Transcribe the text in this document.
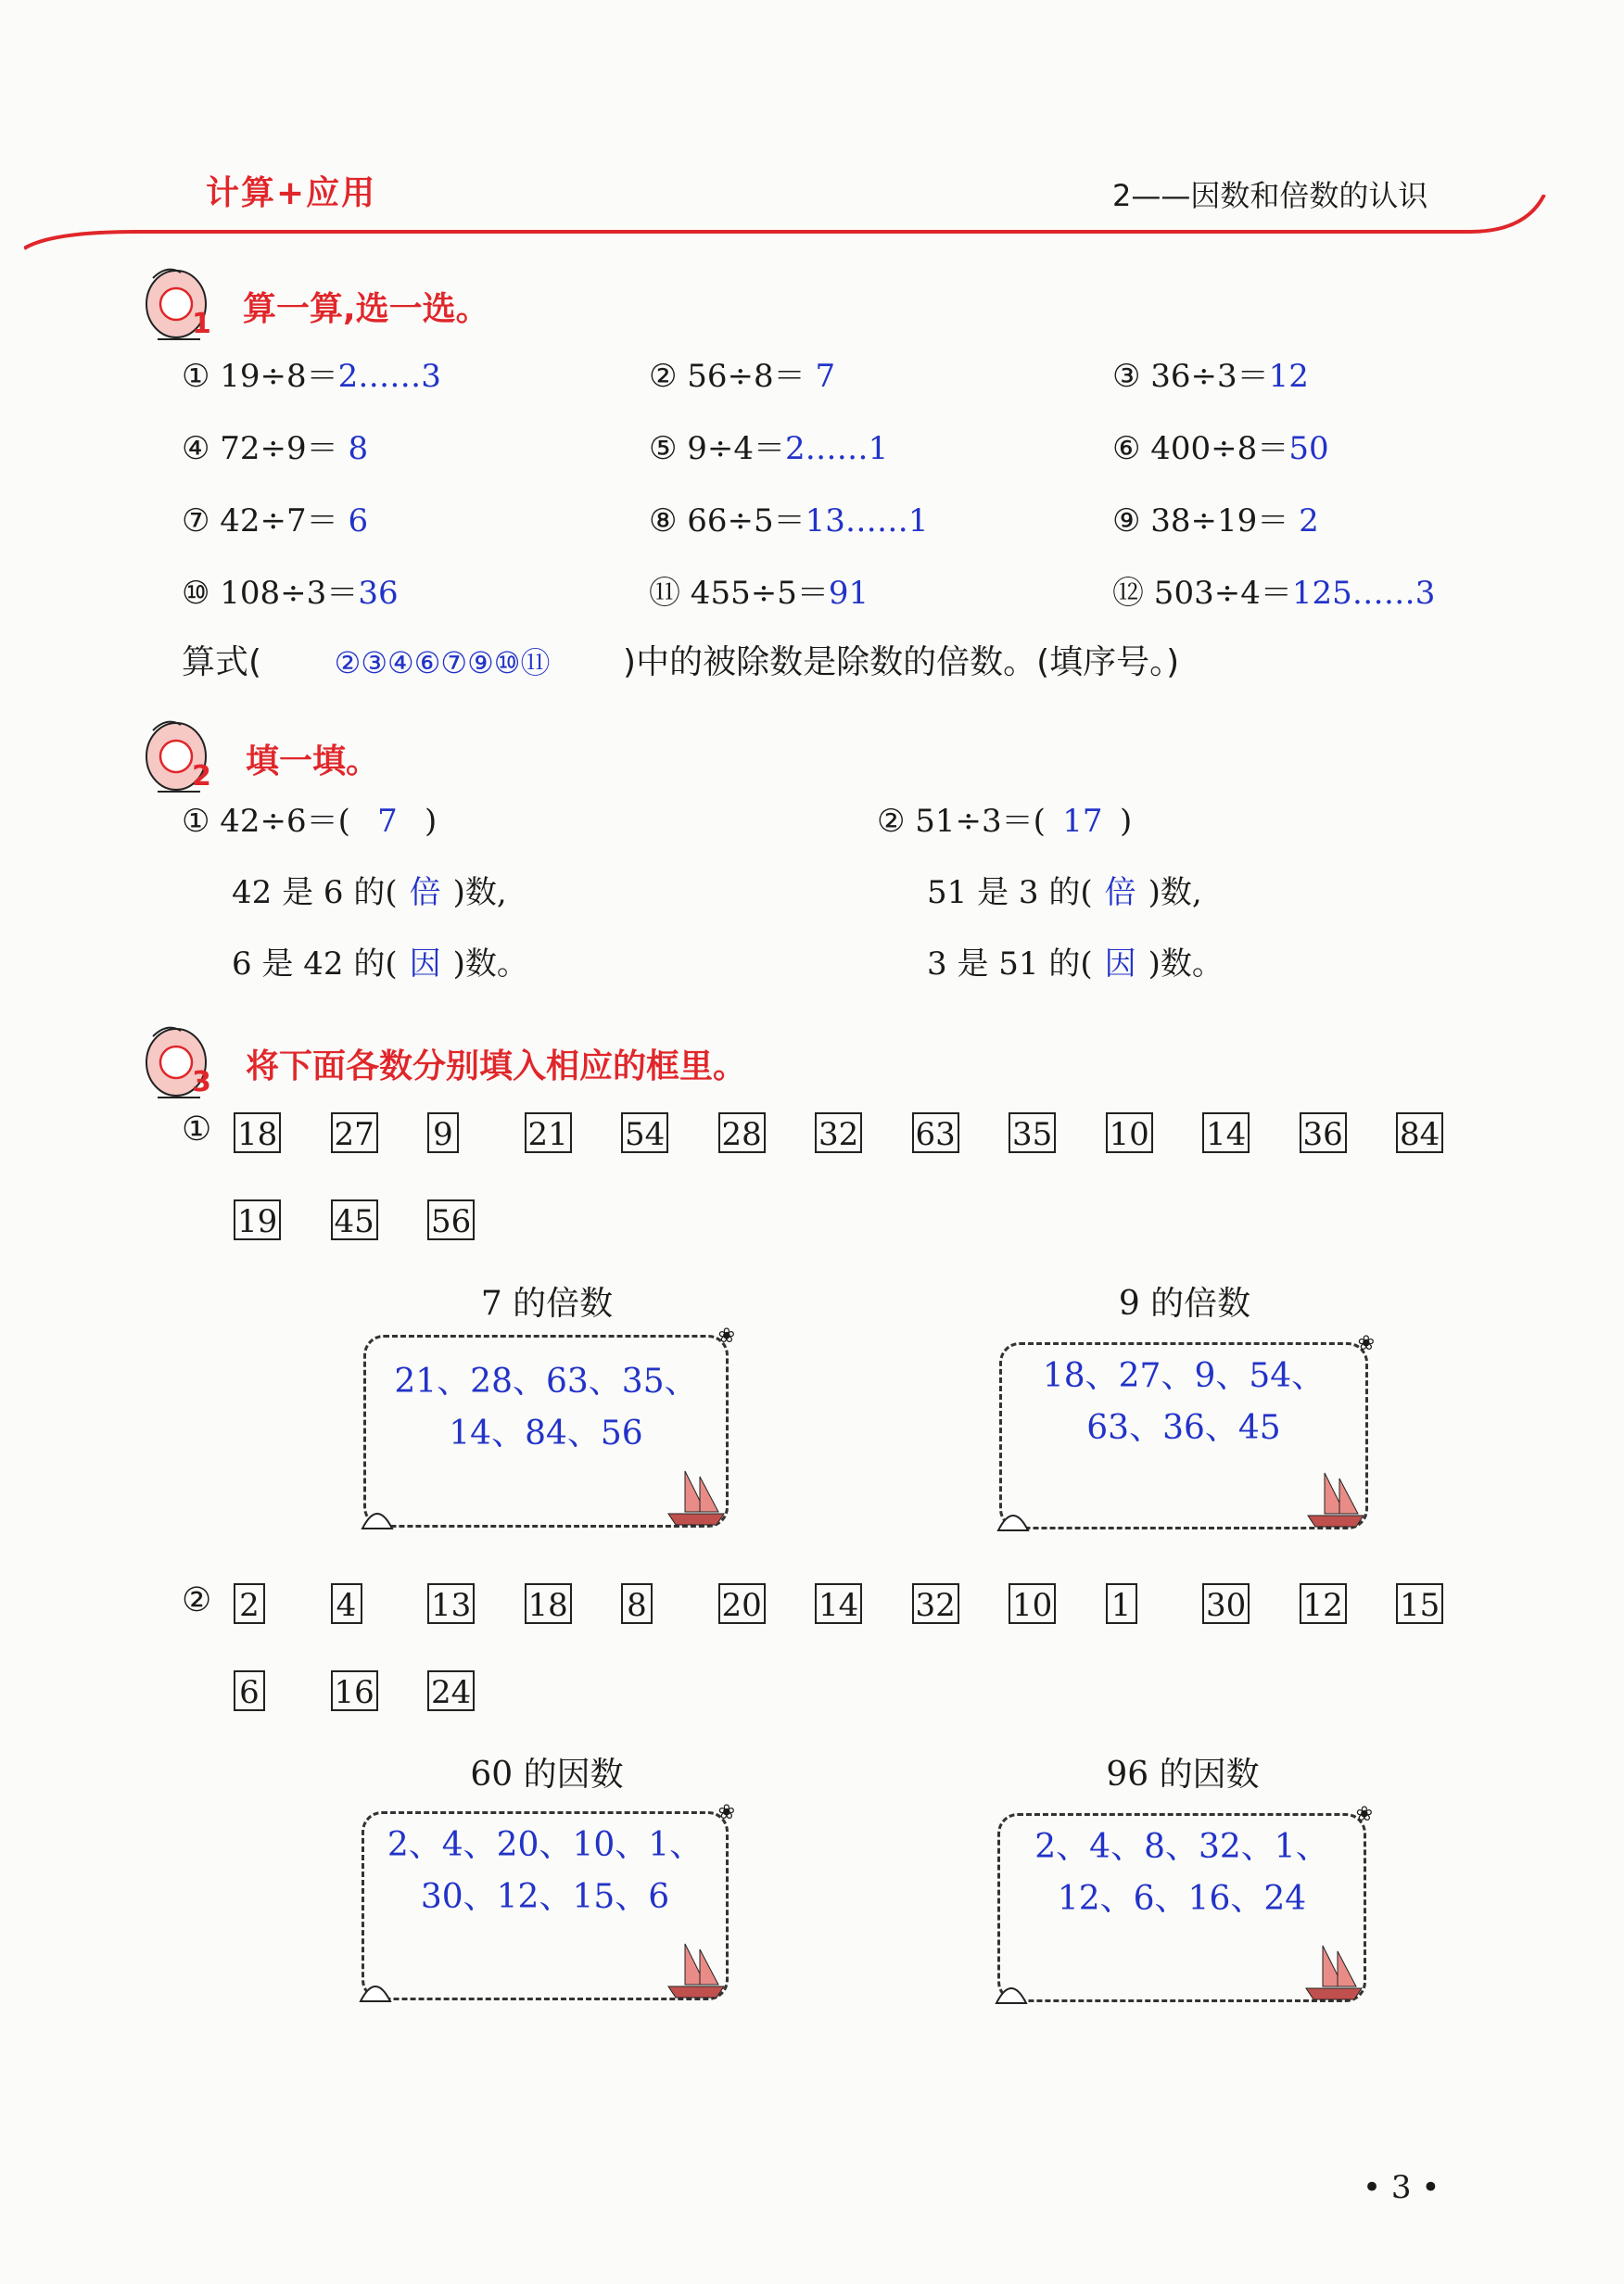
计算+应用	2——因数和倍数的认识
1 算一算,选一选。
① 19÷8＝2……3	② 56÷8＝ 7	③ 36÷3＝12
④ 72÷9＝ 8	⑤ 9÷4＝2……1	⑥ 400÷8＝50
⑦ 42÷7＝ 6	⑧ 66÷5＝13……1	⑨ 38÷19＝ 2
⑩ 108÷3＝36	⑪ 455÷5＝91	⑫ 503÷4＝125……3
算式( ②③④⑥⑦⑨⑩⑪ )中的被除数是除数的倍数。(填序号。)
2	填一填。
① 42÷6＝( 7 )
42 是 6 的( 倍 )数,
6 是 42 的( 因 )数。
② 51÷3＝( 17 )
51 是 3 的( 倍 )数,
3 是 51 的( 因 )数。
3	将下面各数分别填入相应的框里。
① 18 27 9 21 54 28 32 63 35 10 14 36 84
19 45 56
7 的倍数
21、28、63、35、
14、84、56
❀
9 的倍数
18、27、9、54、
63、36、45
❀
② 2 4 13 18 8 20 14 32 10 1 30 12 15
6 16 24
60 的因数
2、4、20、10、1、
30、12、15、6
❀
96 的因数
2、4、8、32、1、
12、6、16、24
❀
• 3 •
